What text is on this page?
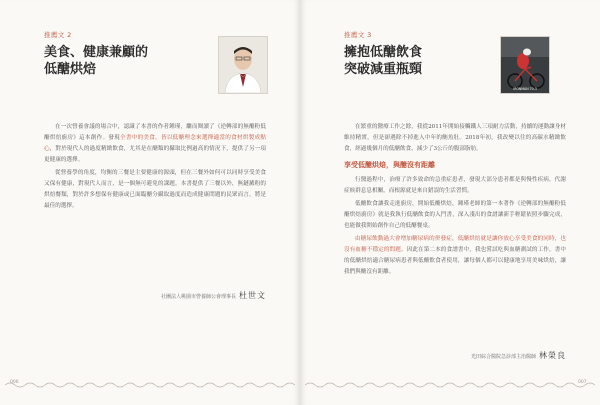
推薦文 2
美食、健康兼顧的
低醣烘焙

在一次營養會議的場合中，認識了本書的作者鍾瑾，繼而閱讀了《逆轉部的無醣粉低醣烘焙廚房》這本創作。發現全書中的美食，皆以低醣理念來選擇適當的食材烘製成點心，對於現代人的過度精緻飲食，尤其是在醣類的攝取比例過高的情況下，提供了另一項更健康的選擇。

從營養學的角度，均衡的三餐是主要健康的源頭，但在三餐外如何可以同時享受美食又保有健康，對現代人而言，是一個無可避免的課題。本書提供了三餐以外，無鏈澱粉的烘焙餐類，對於許多想保有健康或已面臨醣分攝取過度而造成健康問題的民眾而言，將是最佳的選擇。

社團法人桃園市營養師公會理事長 杜世文
006
推薦文 3
擁抱低醣飲食
突破減重瓶頸
IRONMAN 70.3

在繁重的醫療工作之餘，我從2011年開始接觸鐵人三項耐力活動，持續的運動讓身材維持精實，但是卻遇除不掉進入中年的鮪魚肚。2018年初，我改變以往的高碳水精緻飲食，經過幾個月的低醣飲食，減少了3公斤的腹部脂肪。

享受低醣烘焙，與醣沒有距離

行醫過程中，治療了許多致命的急重症患者，發現大部分患者都是與慢性疾病，代謝症候群息息相關，而根源就是來自錯誤的生活習慣。

低醣飲食讓我走進廚房，開始低醣烘焙，鍾瑾老師的第一本著作《逆轉部的無醣粉低醣烘焙廚房》就是我執行低醣飲食的入門書，深入淺出的食譜讓新手輕鬆依照步驟完成，也能做我開始創作自己的低醣餐桌。

由糖尿飲動過大會增加糖尿病的併發症，低醣烘焙就是讓你放心享受美食的同時，也沒有血糖不穩定的問題。因此在第二本的食譜書中，我也嘗試吃與血糖測試的工作，書中的低醣烘焙適合糖尿病患者與低醣飲食者使用，讓每個人都可以健康地享用美味烘焙，讓我們與醣沒有距離。

光田綜合醫院急診部主治醫師 林榮良
007
